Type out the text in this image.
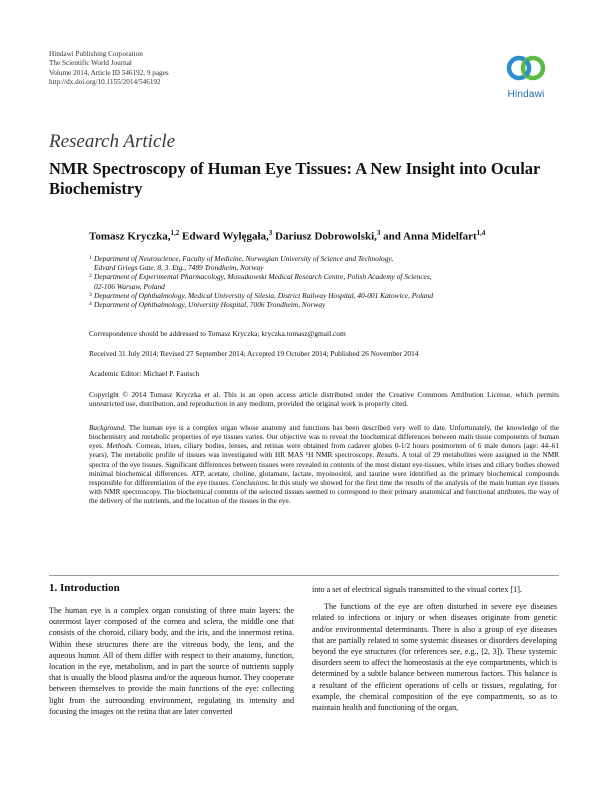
Hindawi Publishing Corporation
The Scientific World Journal
Volume 2014, Article ID 546192, 9 pages
http://dx.doi.org/10.1155/2014/546192
Hindawi
Research Article
NMR Spectroscopy of Human Eye Tissues: A New Insight into Ocular Biochemistry
Tomasz Kryczka,$^{1,2}$ Edward Wylęgała,$^3$ Dariusz Dobrowolski,$^3$ and Anna Midelfart$^{1,4}$
1 Department of Neuroscience, Faculty of Medicine, Norwegian University of Science and Technology,
Edvard Griegs Gate. 8, 3. Etg., 7489 Trondheim, Norway
2 Department of Experimental Pharmacology, Mossakowski Medical Research Centre, Polish Academy of Sciences,
02-106 Warsaw, Poland
3 Department of Ophthalmology, Medical University of Silesia, District Railway Hospital, 40-001 Katowice, Poland
4 Department of Ophthalmology, University Hospital, 7006 Trondheim, Norway
Correspondence should be addressed to Tomasz Kryczka; kryczka.tomasz@gmail.com
Received 31 July 2014; Revised 27 September 2014; Accepted 19 October 2014; Published 26 November 2014
Academic Editor: Michael P. Fautsch
Copyright © 2014 Tomasz Kryczka et al. This is an open access article distributed under the Creative Commons Attribution License, which permits unrestricted use, distribution, and reproduction in any medium, provided the original work is properly cited.
Background. The human eye is a complex organ whose anatomy and functions has been described very well to date. Unfortunately, the knowledge of the biochemistry and metabolic properties of eye tissues varies. Our objective was to reveal the biochemical differences between main tissue components of human eyes. Methods. Corneas, irises, ciliary bodies, lenses, and retinas were obtained from cadaver globes 0-1/2 hours postmortem of 6 male donors (age: 44–61 years). The metabolic profile of tissues was investigated with HR MAS ¹H NMR spectroscopy. Results. A total of 29 metabolites were assigned in the NMR spectra of the eye tissues. Significant differences between tissues were revealed in contents of the most distant eye-tissues, while irises and ciliary bodies showed minimal biochemical differences. ATP, acetate, choline, glutamate, lactate, myoinositol, and taurine were identified as the primary biochemical compounds responsible for differentiation of the eye tissues. Conclusions. In this study we showed for the first time the results of the analysis of the main human eye tissues with NMR spectroscopy. The biochemical contents of the selected tissues seemed to correspond to their primary anatomical and functional attributes, the way of the delivery of the nutrients, and the location of the tissues in the eye.
1. Introduction

The human eye is a complex organ consisting of three main layers: the outermost layer composed of the cornea and sclera, the middle one that consists of the choroid, ciliary body, and the iris, and the innermost retina. Within these structures there are the vitreous body, the lens, and the aqueous humor. All of them differ with respect to their anatomy, function, location in the eye, metabolism, and in part the source of nutrients supply that is usually the blood plasma and/or the aqueous humor. They cooperate between themselves to provide the main functions of the eye: collecting light from the surrounding environment, regulating its intensity and focusing the images on the retina that are later converted

into a set of electrical signals transmitted to the visual cortex [1].

The functions of the eye are often disturbed in severe eye diseases related to infections or injury or when diseases originate from genetic and/or environmental determinants. There is also a group of eye diseases that are partially related to some systemic diseases or disorders developing beyond the eye structures (for references see, e.g., [2, 3]). These systemic disorders seem to affect the homeostasis at the eye compartments, which is determined by a subtle balance between numerous factors. This balance is a resultant of the efficient operations of cells or tissues, regulating, for example, the chemical composition of the eye compartments, so as to maintain health and functioning of the organ,
